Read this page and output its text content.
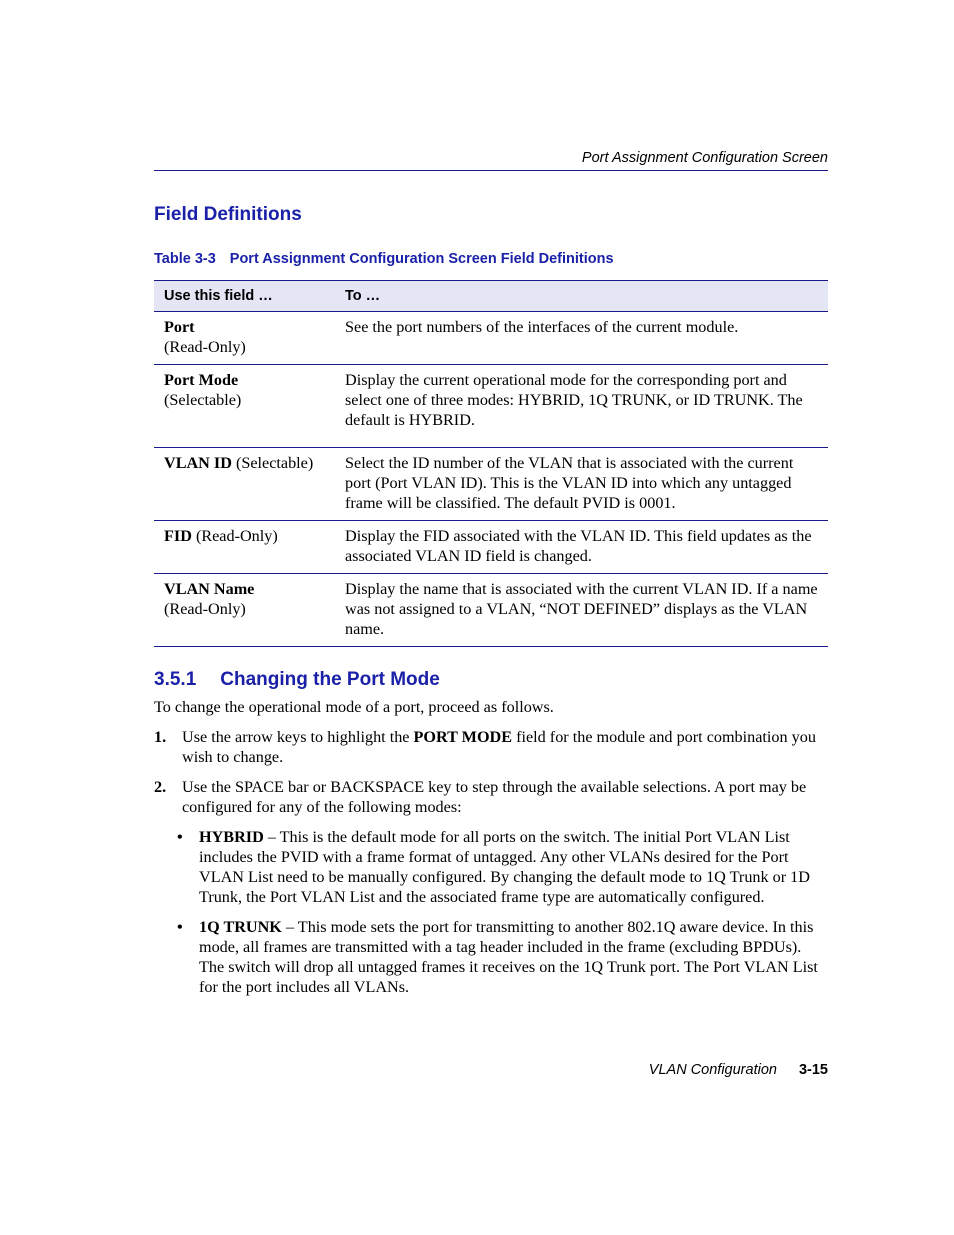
Port Assignment Configuration Screen
Field Definitions
Table 3-3 Port Assignment Configuration Screen Field Definitions
Use this field …	To …
Port
(Read-Only)	See the port numbers of the interfaces of the current module.
Port Mode
(Selectable)	Display the current operational mode for the corresponding port and select one of three modes: HYBRID, 1Q TRUNK, or ID TRUNK. The default is HYBRID.
VLAN ID (Selectable)	Select the ID number of the VLAN that is associated with the current port (Port VLAN ID). This is the VLAN ID into which any untagged frame will be classified. The default PVID is 0001.
FID (Read-Only)	Display the FID associated with the VLAN ID. This field updates as the associated VLAN ID field is changed.
VLAN Name
(Read-Only)	Display the name that is associated with the current VLAN ID. If a name was not assigned to a VLAN, “NOT DEFINED” displays as the VLAN name.
3.5.1 Changing the Port Mode
To change the operational mode of a port, proceed as follows.
1. Use the arrow keys to highlight the PORT MODE field for the module and port combination you wish to change.
2. Use the SPACE bar or BACKSPACE key to step through the available selections. A port may be configured for any of the following modes:
• HYBRID – This is the default mode for all ports on the switch. The initial Port VLAN List includes the PVID with a frame format of untagged. Any other VLANs desired for the Port VLAN List need to be manually configured. By changing the default mode to 1Q Trunk or 1D Trunk, the Port VLAN List and the associated frame type are automatically configured.
• 1Q TRUNK – This mode sets the port for transmitting to another 802.1Q aware device. In this mode, all frames are transmitted with a tag header included in the frame (excluding BPDUs). The switch will drop all untagged frames it receives on the 1Q Trunk port. The Port VLAN List for the port includes all VLANs.
VLAN Configuration 3-15
